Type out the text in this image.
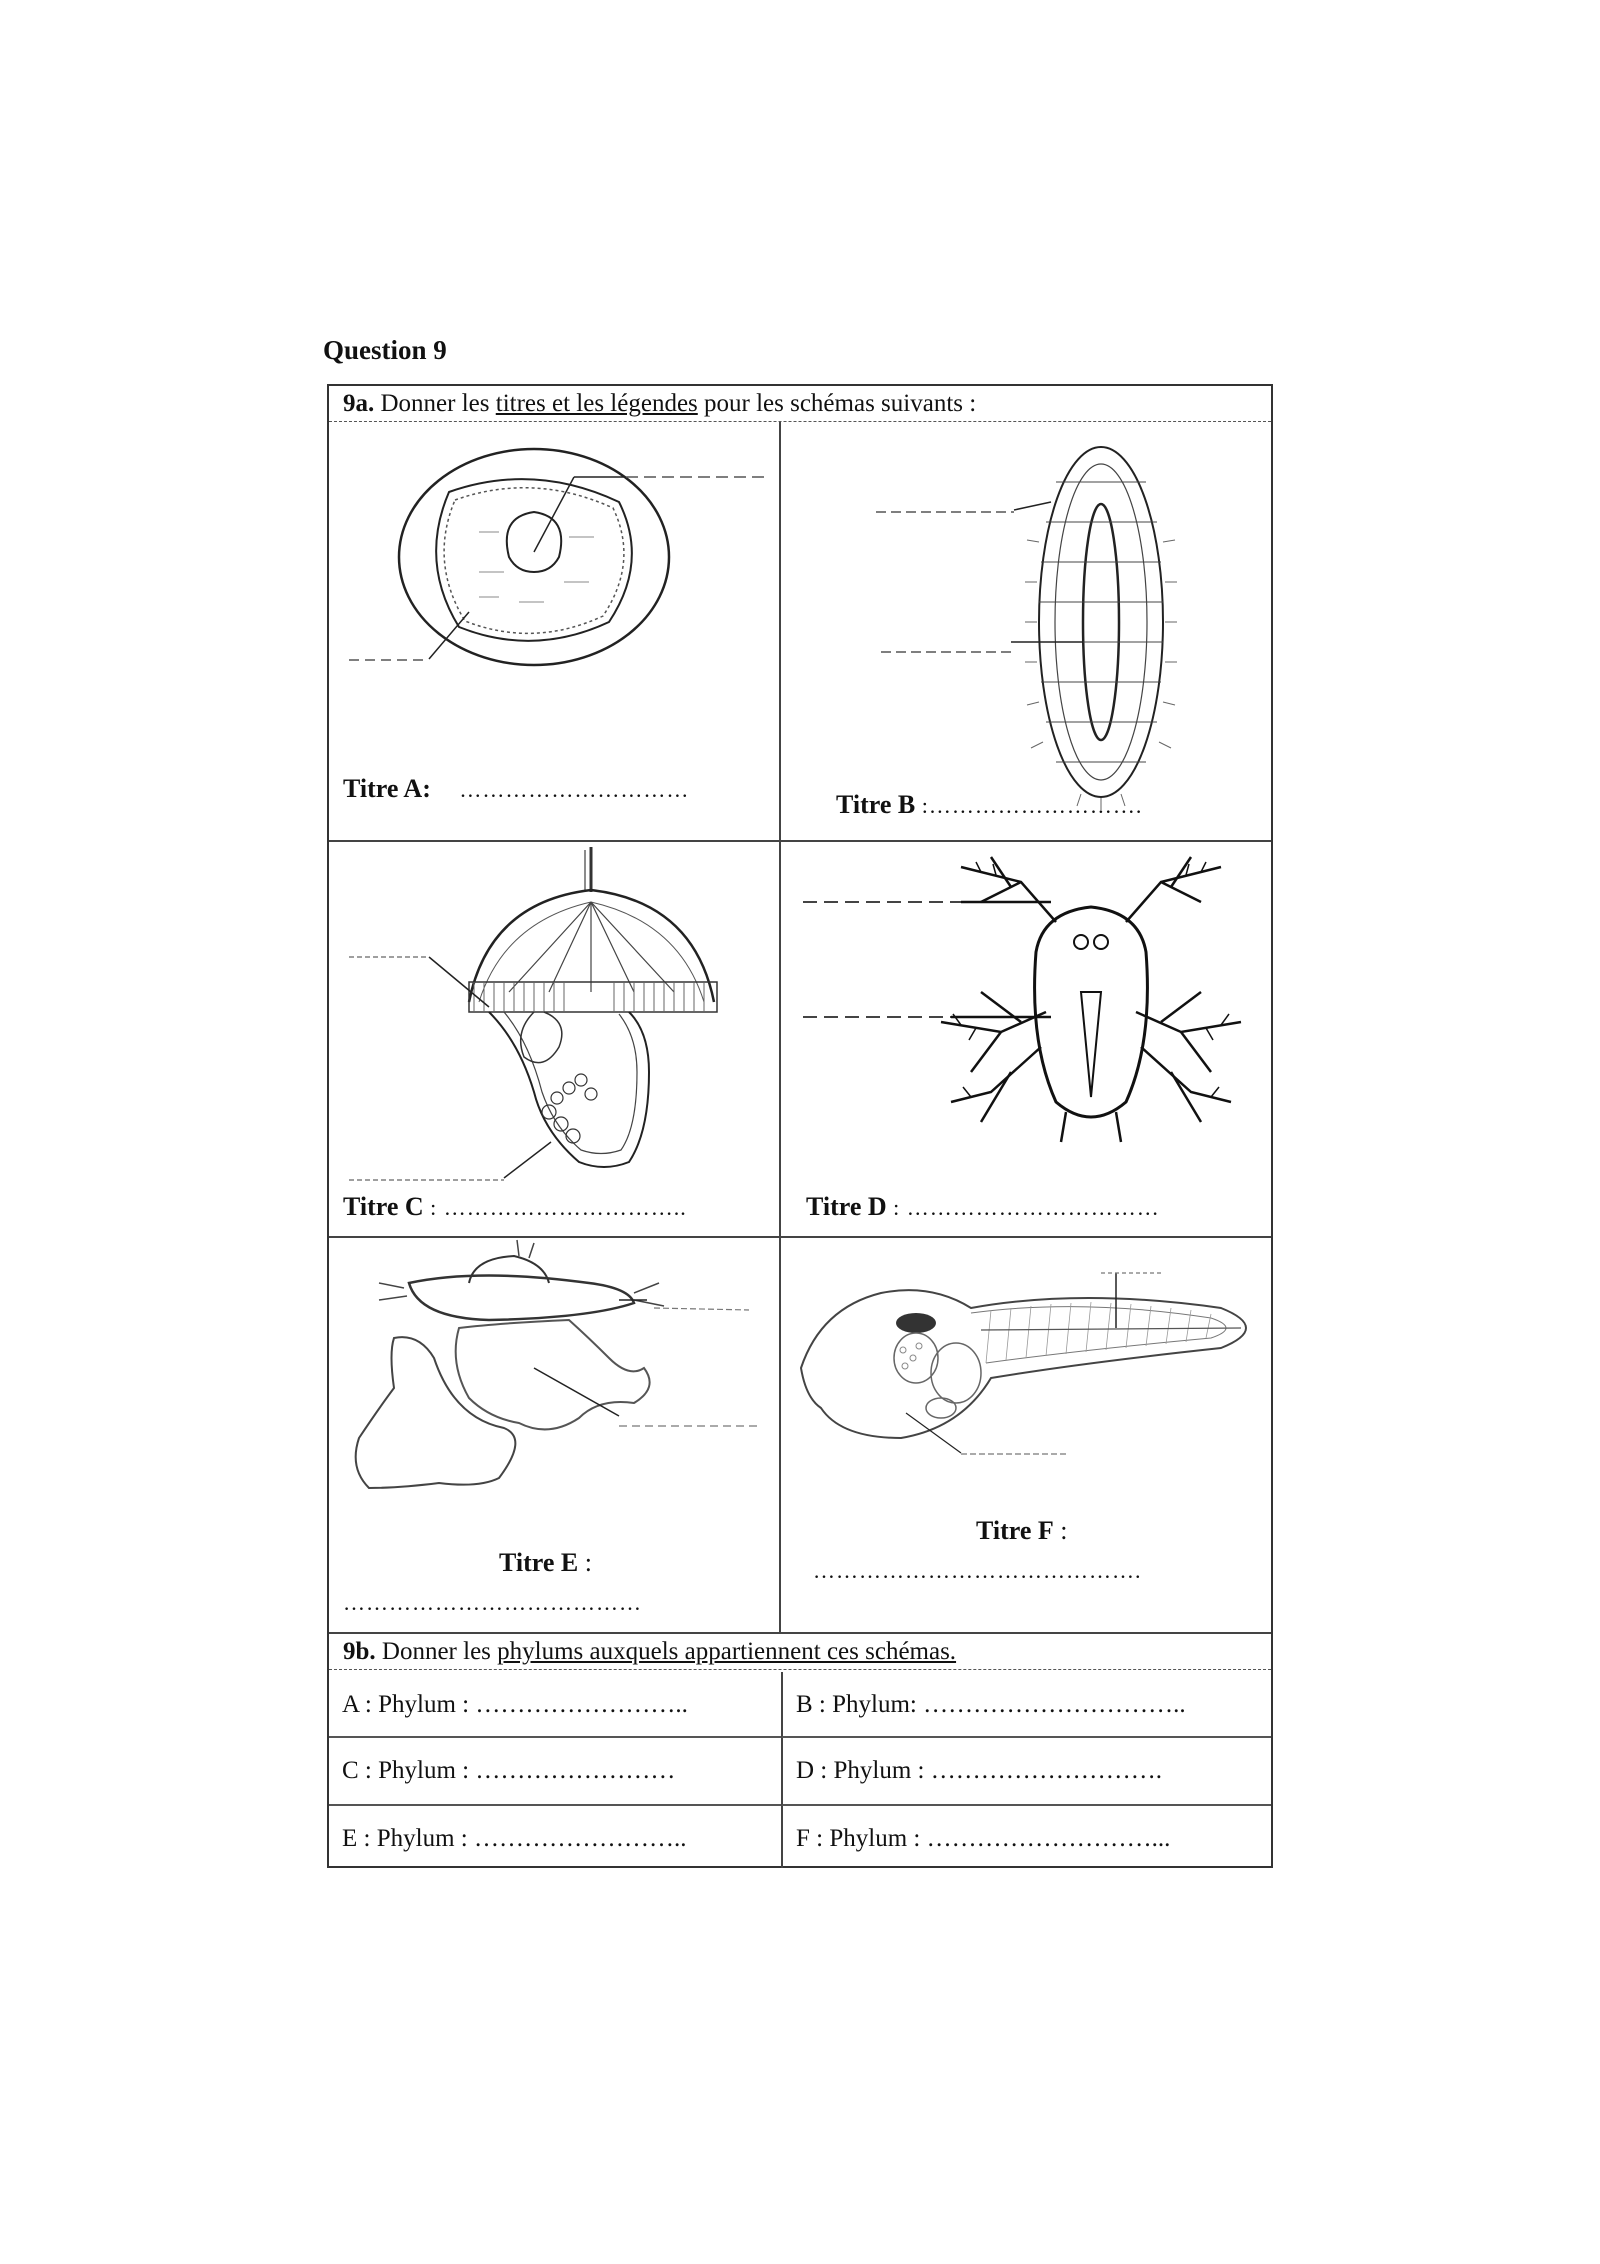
Question 9
9a. Donner les titres et les légendes pour les schémas suivants :
Titre A: …………………………
Titre B :……………………….
Titre C : …………………………..	Titre D : ……………………………
Titre E :
…………………………………
Titre F :
…………………………………….
9b. Donner les phylums auxquels appartiennent ces schémas.
A : Phylum : ……………………..	B : Phylum: …………………………..
C : Phylum : ……………………	D : Phylum : ……………………….
E : Phylum : ……………………..	F : Phylum : ………………………...
